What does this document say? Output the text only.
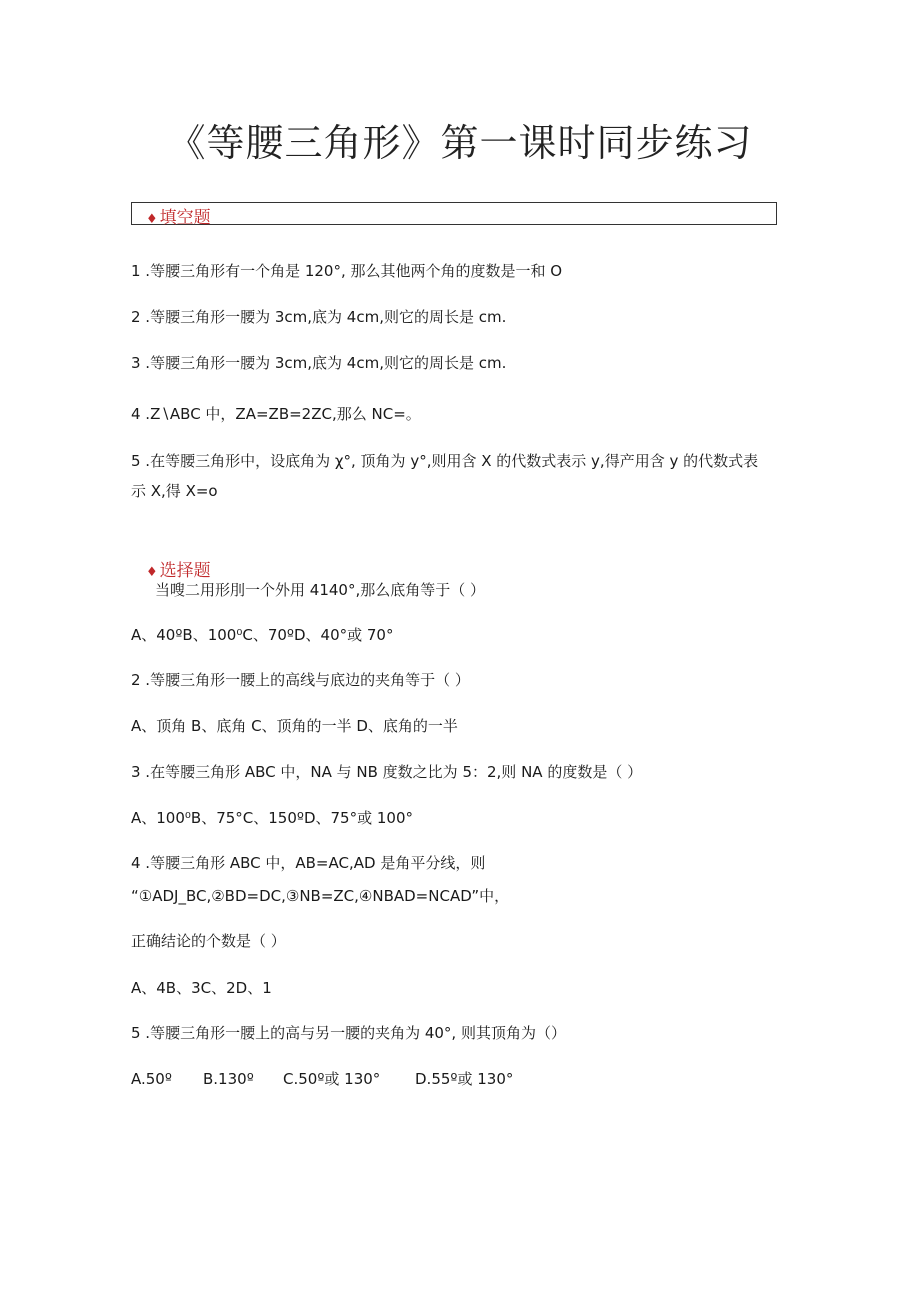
《等腰三角形》第一课时同步练习
♦ 填空题
1 .等腰三角形有一个角是 120°, 那么其他两个角的度数是一和 O
2 .等腰三角形一腰为 3cm,底为 4cm,则它的周长是 cm.
3 .等腰三角形一腰为 3cm,底为 4cm,则它的周长是 cm.
4 .Z∖ABC 中，ZA=ZB=2ZC,那么 NC=。
5 .在等腰三角形中，设底角为 χ°, 顶角为 y°,则用含 X 的代数式表示 y,得产用含 y 的代数式表
示 X,得 X=o
♦ 选择题
当嗖二用形刖一个外用 4140°,那么底角等于（ ）
A、40ºB、100⁰C、70ºD、40°或 70°
2 .等腰三角形一腰上的高线与底边的夹角等于（ ）
A、顶角 B、底角 C、顶角的一半 D、底角的一半
3 .在等腰三角形 ABC 中，NA 与 NB 度数之比为 5：2,则 NA 的度数是（ ）
A、100⁰B、75°C、150ºD、75°或 100°
4 .等腰三角形 ABC 中，AB=AC,AD 是角平分线，则
“①ADJ_BC,②BD=DC,③NB=ZC,④NBAD=NCAD”中，
正确结论的个数是（ ）
A、4B、3C、2D、1
5 .等腰三角形一腰上的高与另一腰的夹角为 40°, 则其顶角为（）
A.50º B.130º C.50º或 130° D.55º或 130°
